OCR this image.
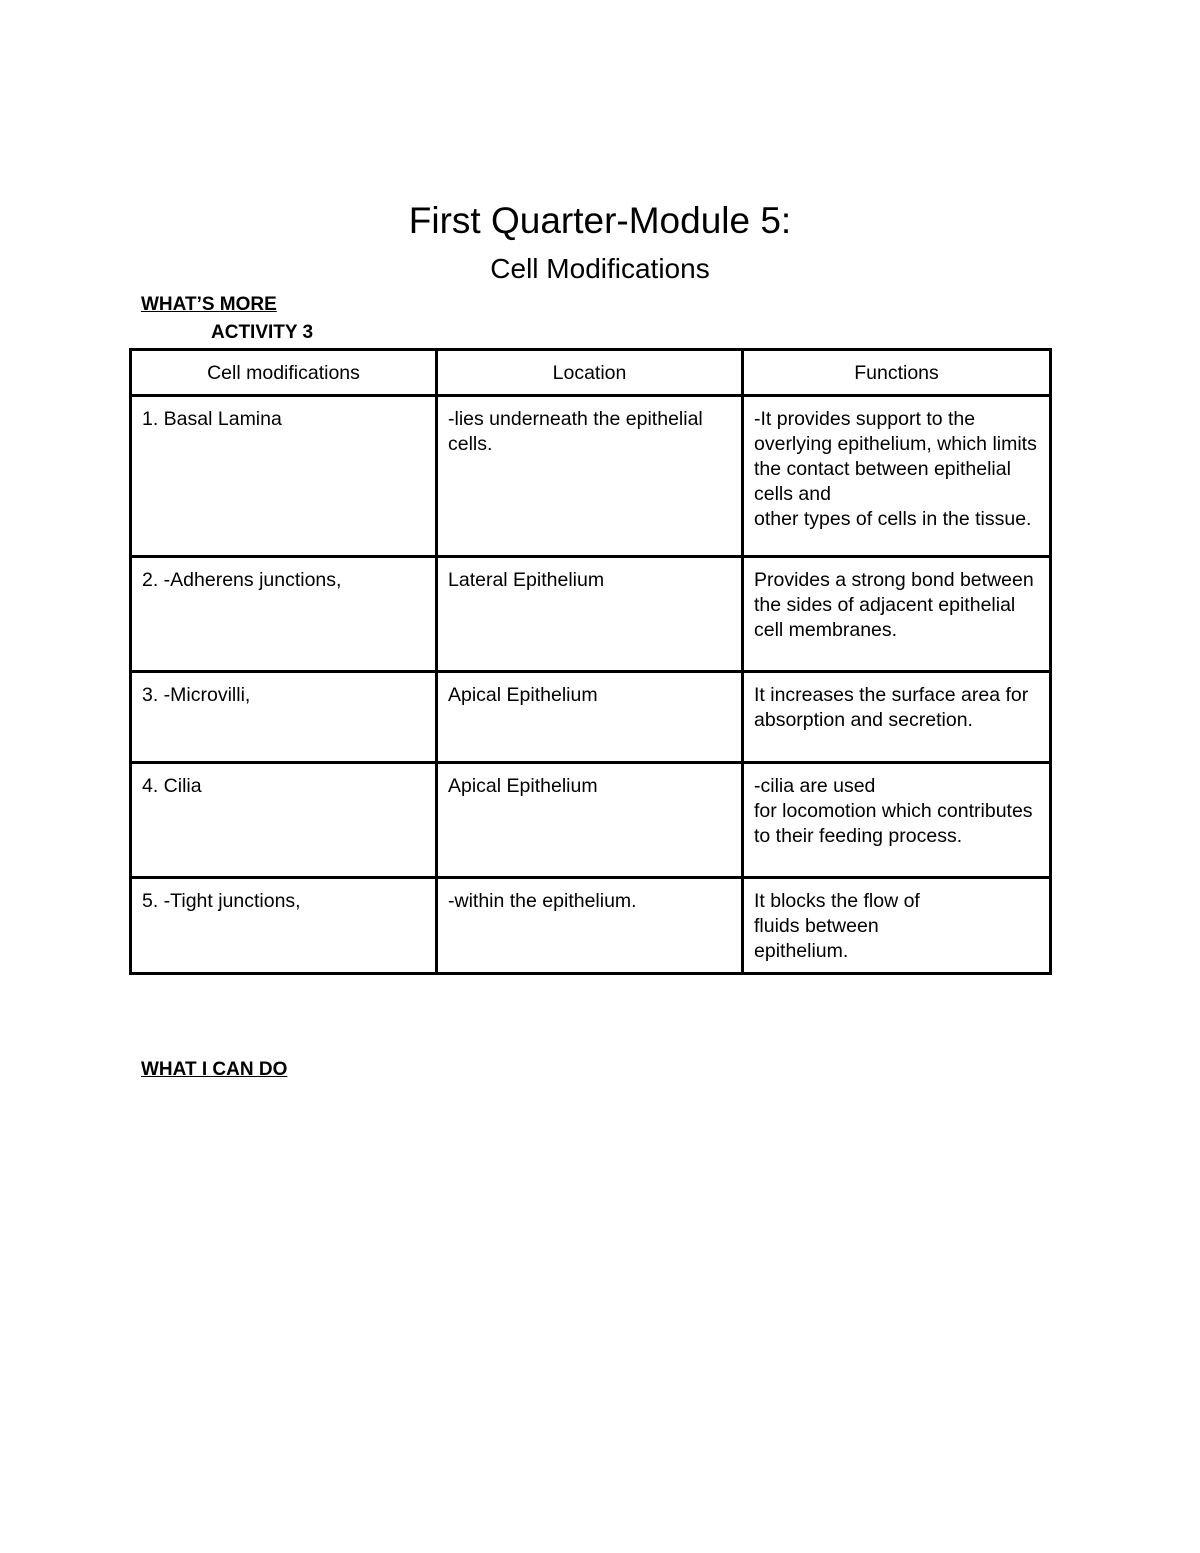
First Quarter-Module 5:
Cell Modifications
WHAT’S MORE
ACTIVITY 3
Cell modifications	Location	Functions
1. Basal Lamina	-lies underneath the epithelial cells.	-It provides support to the overlying epithelium, which limits the contact between epithelial cells and
other types of cells in the tissue.
2. -Adherens junctions,	Lateral Epithelium	Provides a strong bond between the sides of adjacent epithelial cell membranes.
3. -Microvilli,	Apical Epithelium	It increases the surface area for absorption and secretion.
4. Cilia	Apical Epithelium	-cilia are used
for locomotion which contributes to their feeding process.
5. -Tight junctions,	-within the epithelium.	It blocks the flow of
fluids between
epithelium.
WHAT I CAN DO
